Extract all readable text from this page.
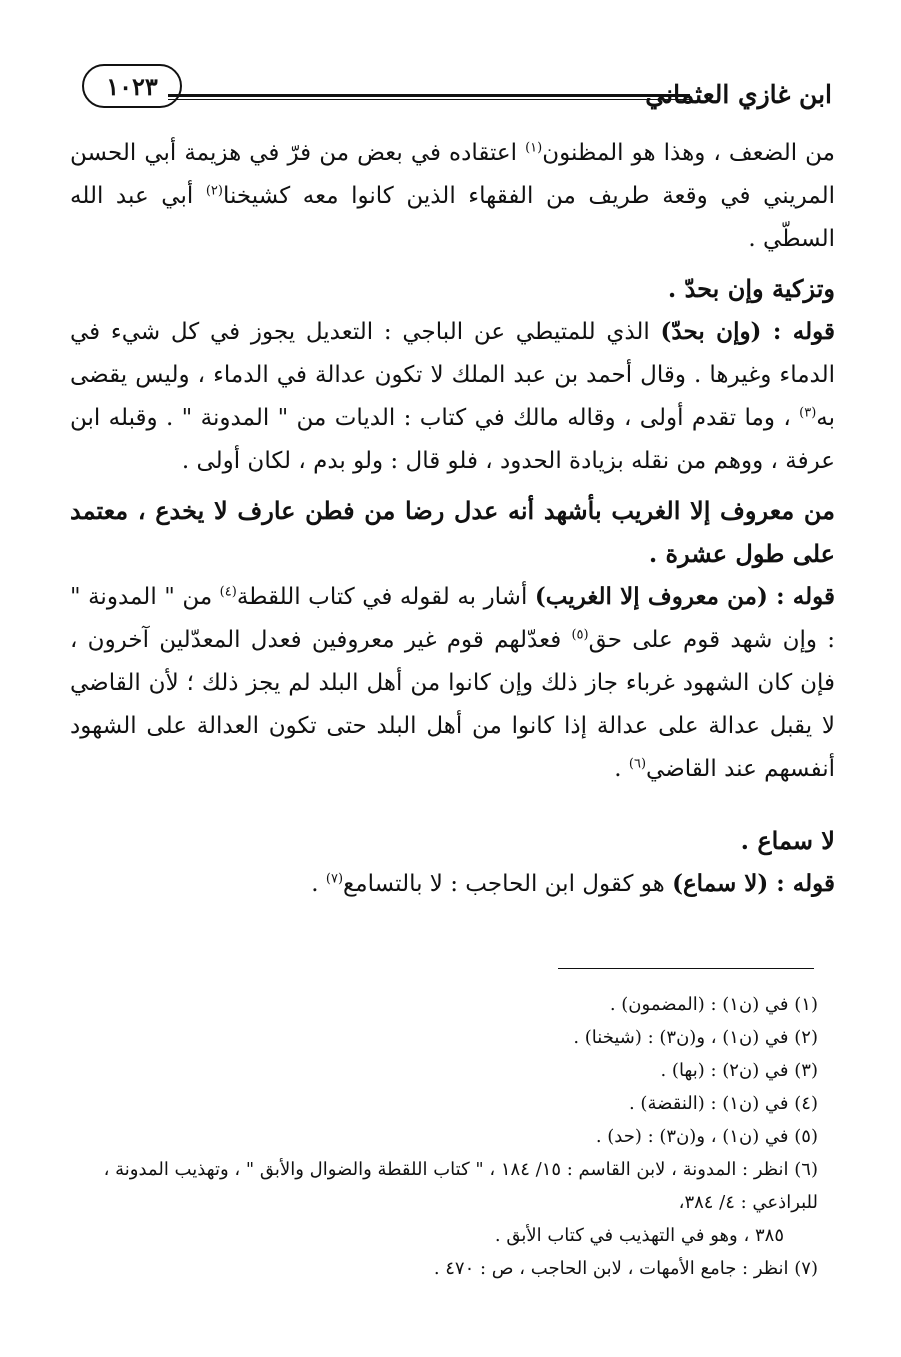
ابن غازي العثماني
١٠٢٣

من الضعف ، وهذا هو المظنون$^{(١)}$ اعتقاده في بعض من فرّ في هزيمة أبي الحسن المريني في وقعة طريف من الفقهاء الذين كانوا معه كشيخنا$^{(٢)}$ أبي عبد الله السطّي .

وتزكية وإن بحدّ .

قوله : (وإن بحدّ) الذي للمتيطي عن الباجي : التعديل يجوز في كل شيء في الدماء وغيرها . وقال أحمد بن عبد الملك لا تكون عدالة في الدماء ، وليس يقضى به$^{(٣)}$ ، وما تقدم أولى ، وقاله مالك في كتاب : الديات من " المدونة " . وقبله ابن عرفة ، ووهم من نقله بزيادة الحدود ، فلو قال : ولو بدم ، لكان أولى .

من معروف إلا الغريب بأشهد أنه عدل رضا من فطن عارف لا يخدع ، معتمد على طول عشرة .

قوله : (من معروف إلا الغريب) أشار به لقوله في كتاب اللقطة$^{(٤)}$ من " المدونة " : وإن شهد قوم على حق$^{(٥)}$ فعدّلهم قوم غير معروفين فعدل المعدّلين آخرون ، فإن كان الشهود غرباء جاز ذلك وإن كانوا من أهل البلد لم يجز ذلك ؛ لأن القاضي لا يقبل عدالة على عدالة إذا كانوا من أهل البلد حتى تكون العدالة على الشهود أنفسهم عند القاضي$^{(٦)}$ .

لا سماع .

قوله : (لا سماع) هو كقول ابن الحاجب : لا بالتسامع$^{(٧)}$ .

(١) في (ن١) : (المضمون) .

(٢) في (ن١) ، و(ن٣) : (شيخنا) .

(٣) في (ن٢) : (بها) .

(٤) في (ن١) : (النقضة) .

(٥) في (ن١) ، و(ن٣) : (حد) .

(٦) انظر : المدونة ، لابن القاسم : ١٥/ ١٨٤ ، " كتاب اللقطة والضوال والأبق " ، وتهذيب المدونة ، للبراذعي : ٤/ ٣٨٤،

٣٨٥ ، وهو في التهذيب في كتاب الأبق .

(٧) انظر : جامع الأمهات ، لابن الحاجب ، ص : ٤٧٠ .
